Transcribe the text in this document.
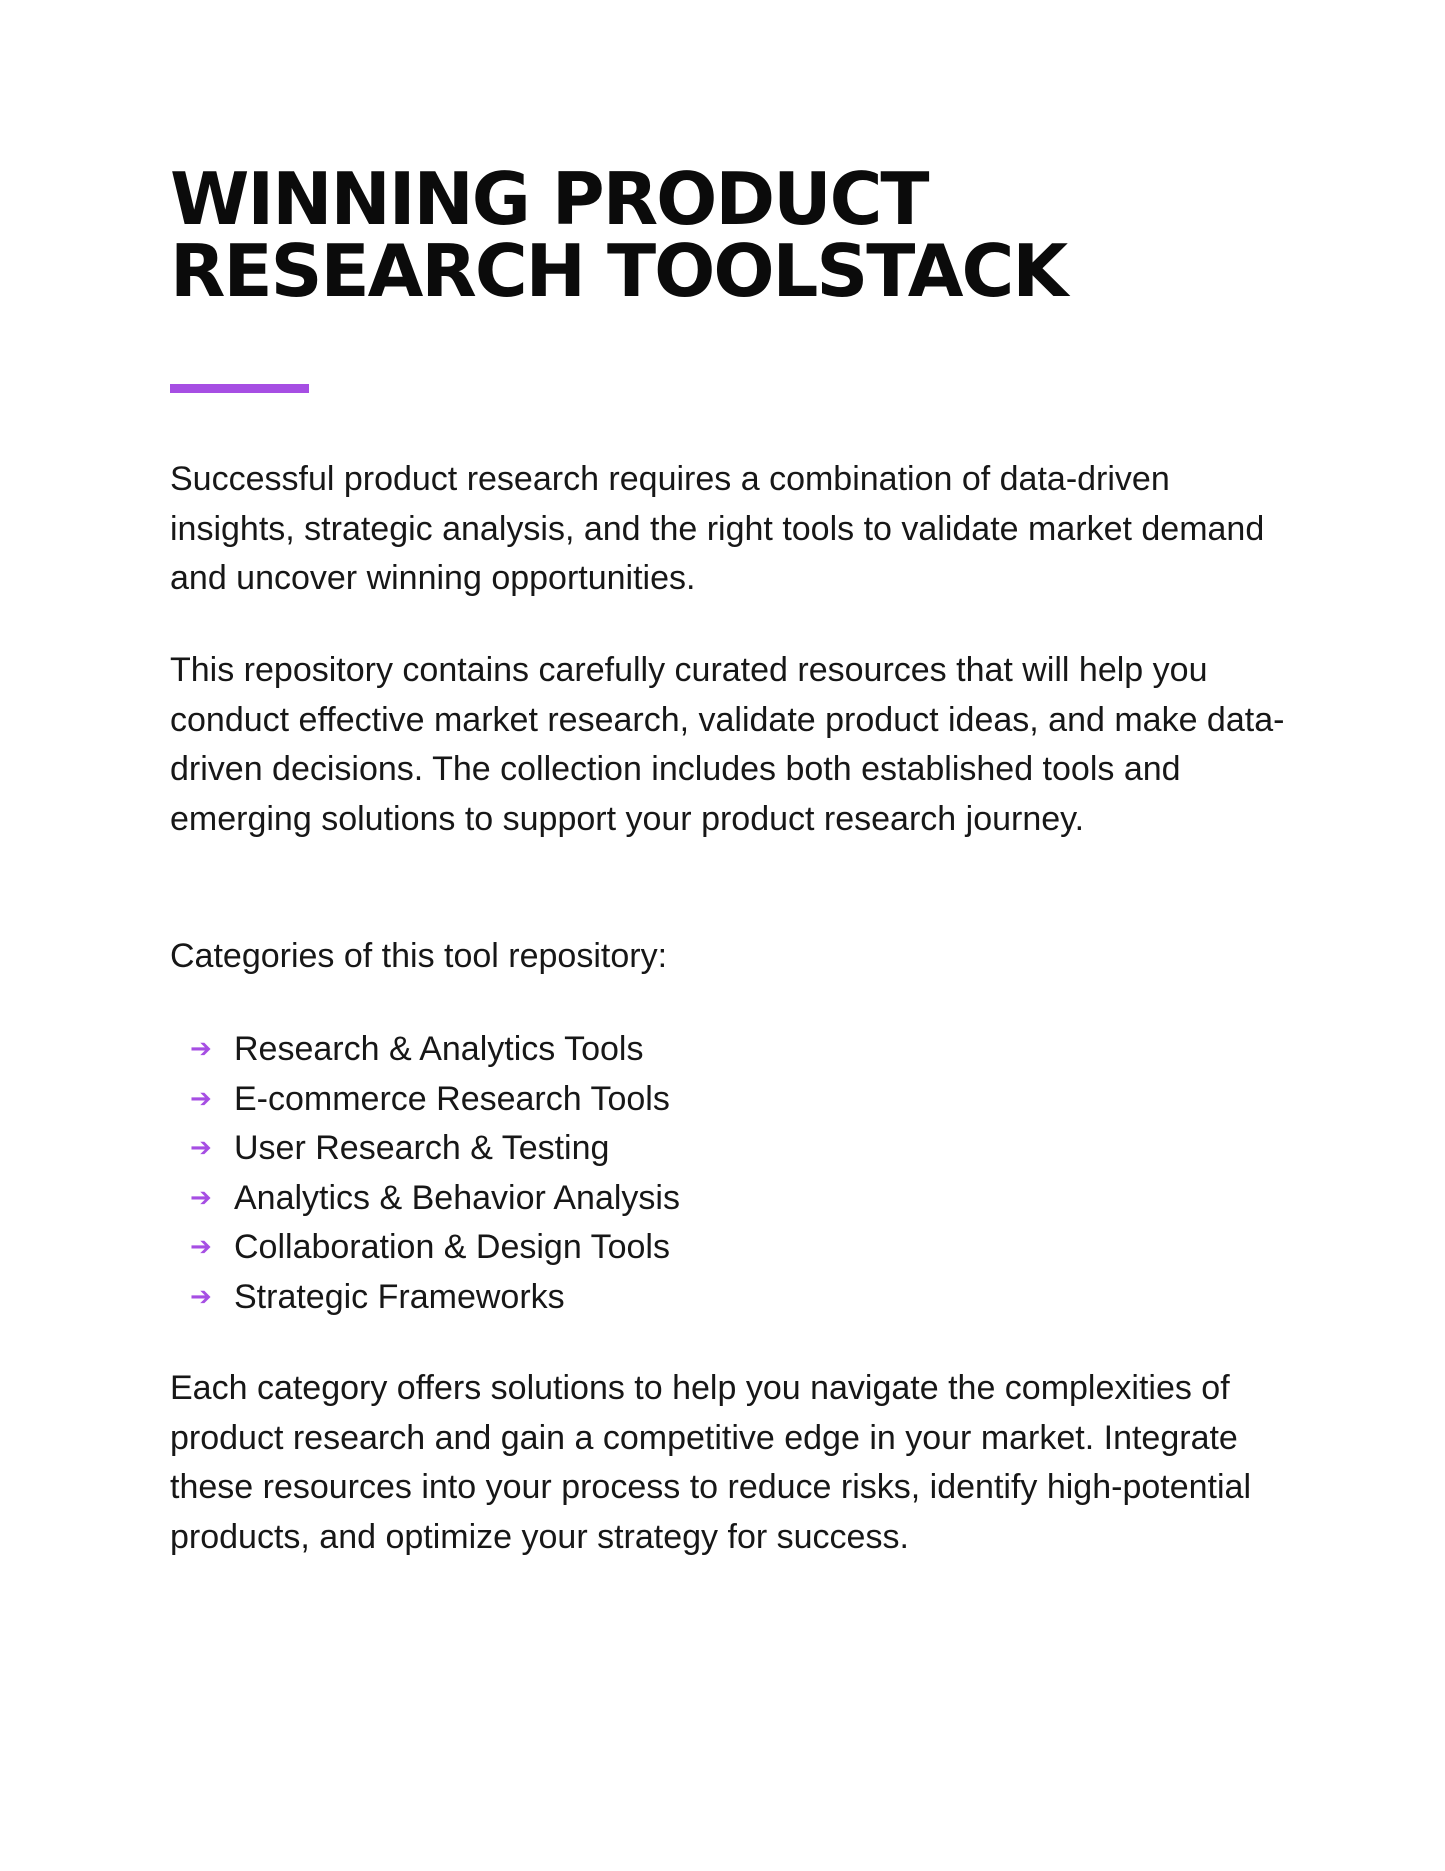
WINNING PRODUCT
RESEARCH TOOLSTACK

Successful product research requires a combination of data-driven insights, strategic analysis, and the right tools to validate market demand and uncover winning opportunities.

This repository contains carefully curated resources that will help you conduct effective market research, validate product ideas, and make data-driven decisions. The collection includes both established tools and emerging solutions to support your product research journey.

Categories of this tool repository:

➔ Research & Analytics Tools
➔ E-commerce Research Tools
➔ User Research & Testing
➔ Analytics & Behavior Analysis
➔ Collaboration & Design Tools
➔ Strategic Frameworks

Each category offers solutions to help you navigate the complexities of product research and gain a competitive edge in your market. Integrate these resources into your process to reduce risks, identify high-potential products, and optimize your strategy for success.
